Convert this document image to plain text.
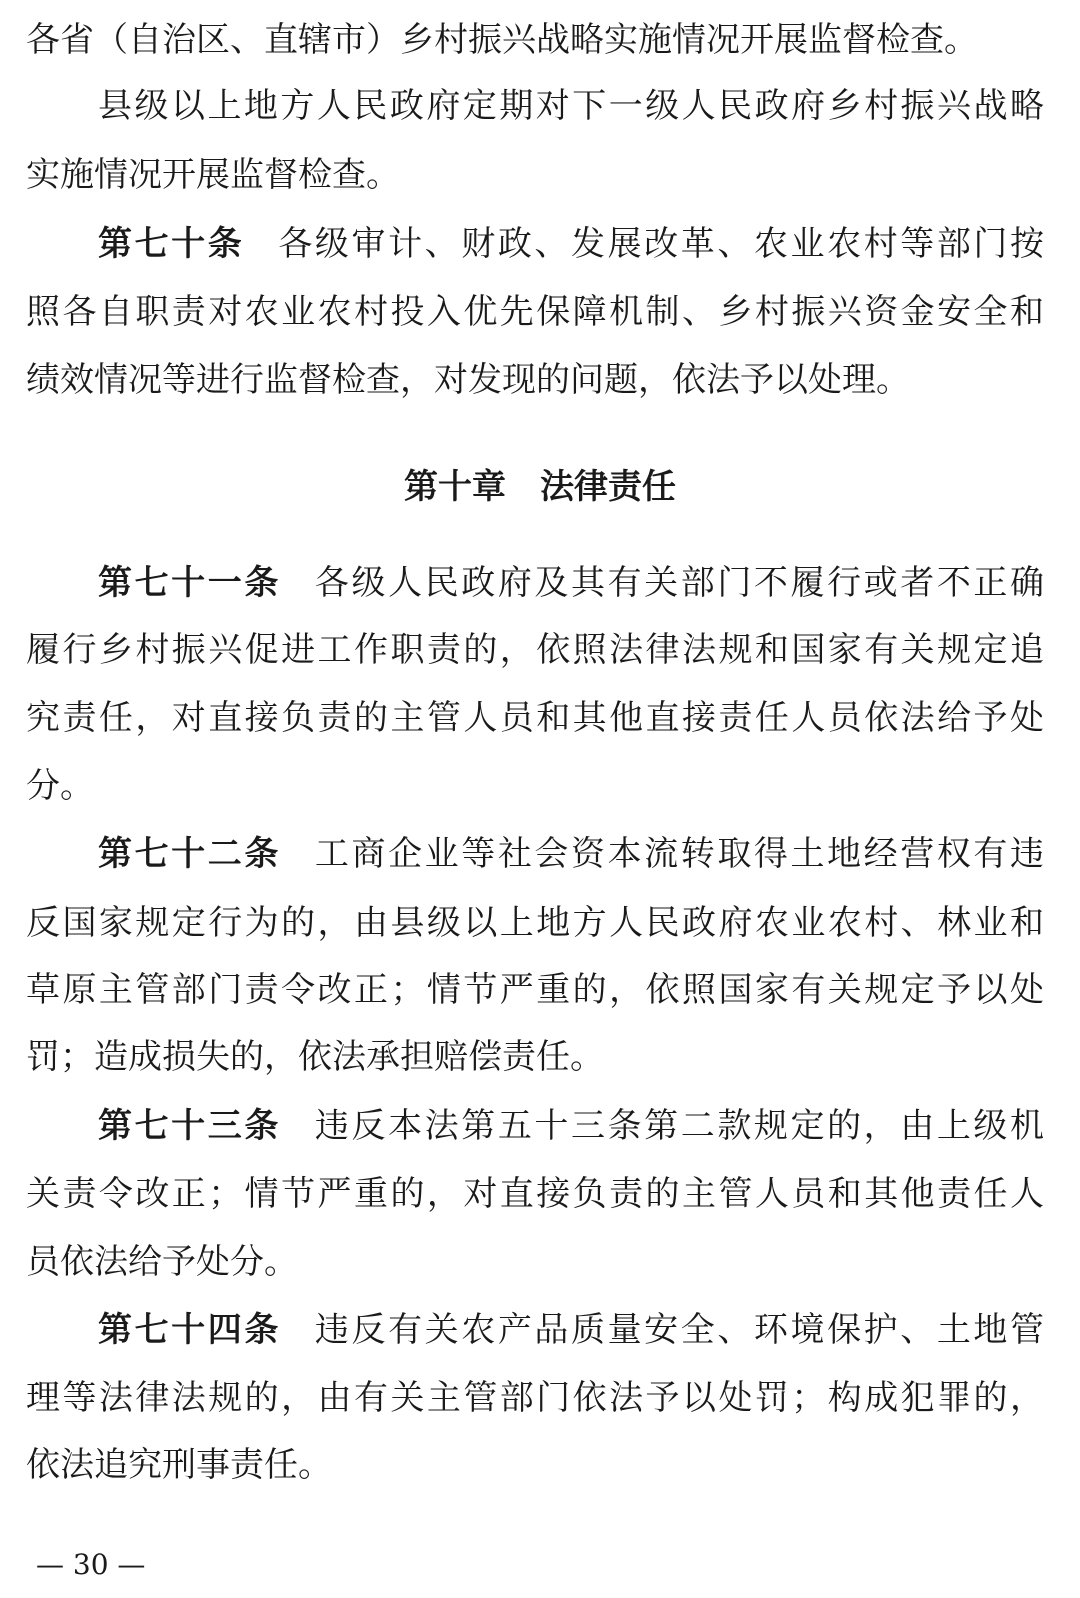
各省（自治区、直辖市）乡村振兴战略实施情况开展监督检查。
县级以上地方人民政府定期对下一级人民政府乡村振兴战略
实施情况开展监督检查。
第七十条 各级审计、财政、发展改革、农业农村等部门按
照各自职责对农业农村投入优先保障机制、乡村振兴资金安全和
绩效情况等进行监督检查，对发现的问题，依法予以处理。
第十章　法律责任
第七十一条 各级人民政府及其有关部门不履行或者不正确
履行乡村振兴促进工作职责的，依照法律法规和国家有关规定追
究责任，对直接负责的主管人员和其他直接责任人员依法给予处
分。
第七十二条 工商企业等社会资本流转取得土地经营权有违
反国家规定行为的，由县级以上地方人民政府农业农村、林业和
草原主管部门责令改正；情节严重的，依照国家有关规定予以处
罚；造成损失的，依法承担赔偿责任。
第七十三条 违反本法第五十三条第二款规定的，由上级机
关责令改正；情节严重的，对直接负责的主管人员和其他责任人
员依法给予处分。
第七十四条 违反有关农产品质量安全、环境保护、土地管
理等法律法规的，由有关主管部门依法予以处罚；构成犯罪的，
依法追究刑事责任。
— 30 —
